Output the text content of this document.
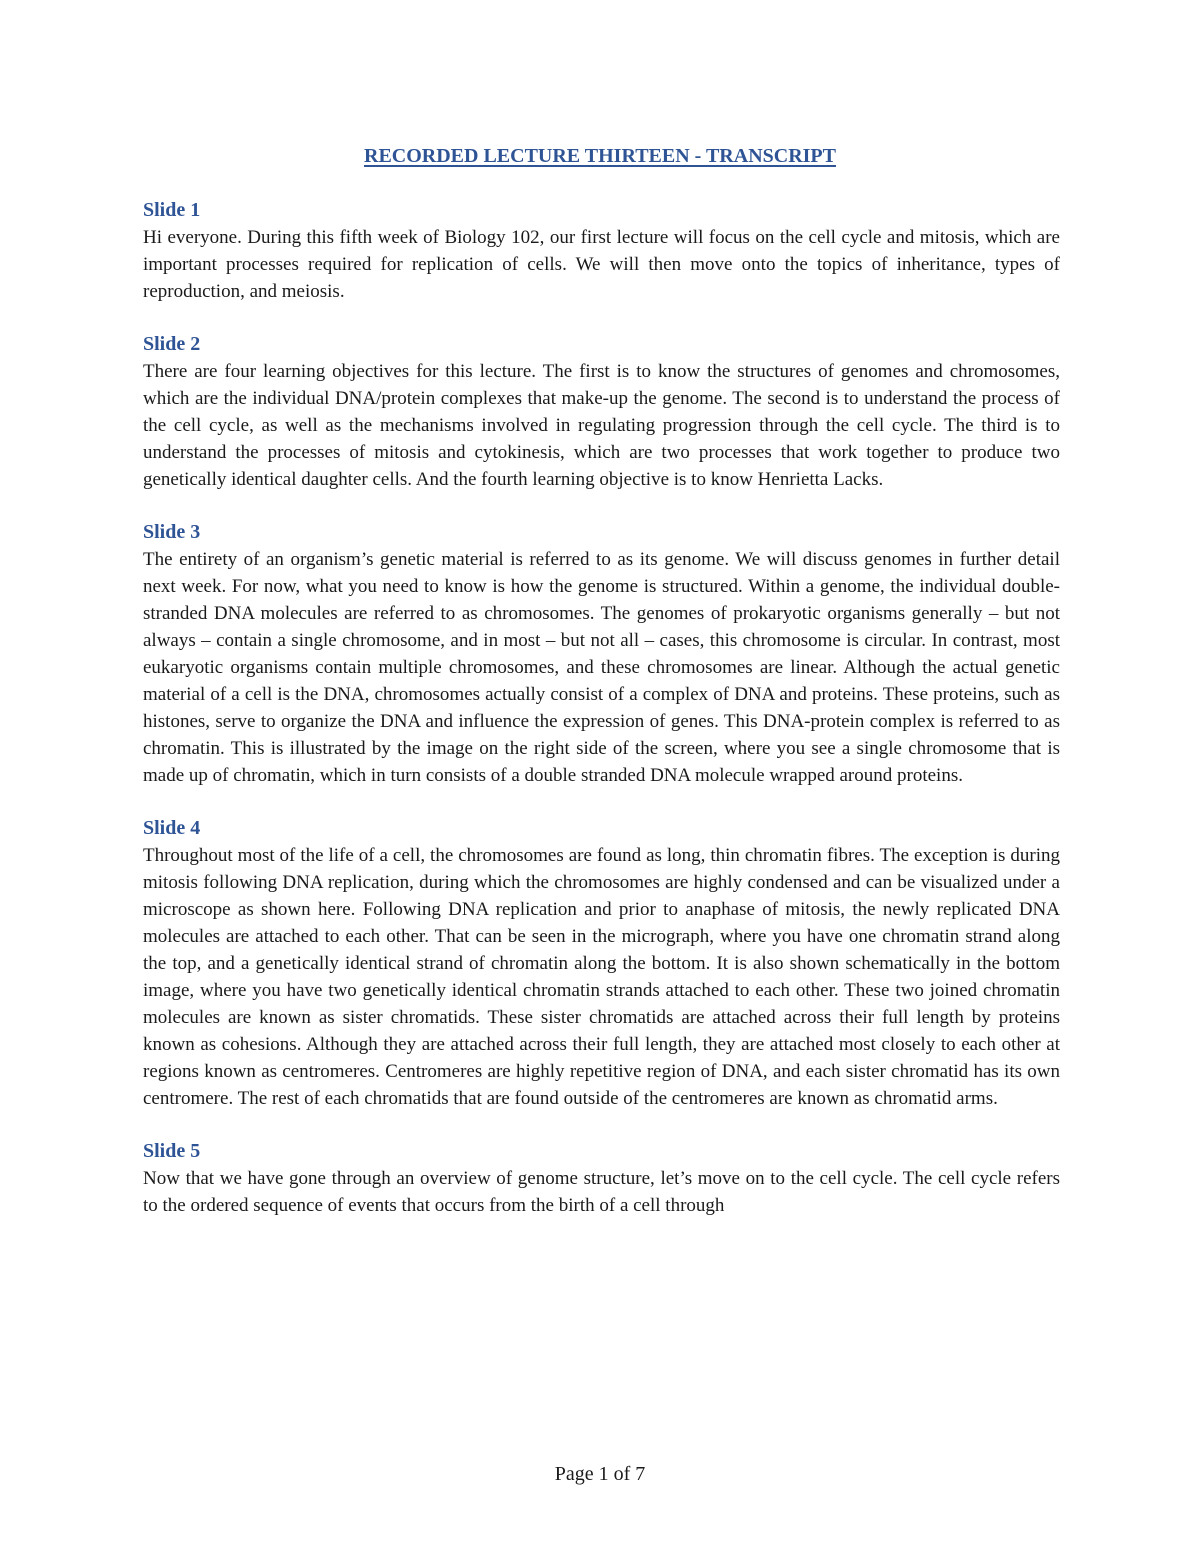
RECORDED LECTURE THIRTEEN - TRANSCRIPT
Slide 1

Hi everyone. During this fifth week of Biology 102, our first lecture will focus on the cell cycle and mitosis, which are important processes required for replication of cells. We will then move onto the topics of inheritance, types of reproduction, and meiosis.

Slide 2

There are four learning objectives for this lecture. The first is to know the structures of genomes and chromosomes, which are the individual DNA/protein complexes that make-up the genome. The second is to understand the process of the cell cycle, as well as the mechanisms involved in regulating progression through the cell cycle. The third is to understand the processes of mitosis and cytokinesis, which are two processes that work together to produce two genetically identical daughter cells. And the fourth learning objective is to know Henrietta Lacks.

Slide 3

The entirety of an organism’s genetic material is referred to as its genome. We will discuss genomes in further detail next week. For now, what you need to know is how the genome is structured. Within a genome, the individual double-stranded DNA molecules are referred to as chromosomes. The genomes of prokaryotic organisms generally – but not always – contain a single chromosome, and in most – but not all – cases, this chromosome is circular. In contrast, most eukaryotic organisms contain multiple chromosomes, and these chromosomes are linear. Although the actual genetic material of a cell is the DNA, chromosomes actually consist of a complex of DNA and proteins. These proteins, such as histones, serve to organize the DNA and influence the expression of genes. This DNA-protein complex is referred to as chromatin. This is illustrated by the image on the right side of the screen, where you see a single chromosome that is made up of chromatin, which in turn consists of a double stranded DNA molecule wrapped around proteins.

Slide 4

Throughout most of the life of a cell, the chromosomes are found as long, thin chromatin fibres. The exception is during mitosis following DNA replication, during which the chromosomes are highly condensed and can be visualized under a microscope as shown here. Following DNA replication and prior to anaphase of mitosis, the newly replicated DNA molecules are attached to each other. That can be seen in the micrograph, where you have one chromatin strand along the top, and a genetically identical strand of chromatin along the bottom. It is also shown schematically in the bottom image, where you have two genetically identical chromatin strands attached to each other. These two joined chromatin molecules are known as sister chromatids. These sister chromatids are attached across their full length by proteins known as cohesions. Although they are attached across their full length, they are attached most closely to each other at regions known as centromeres. Centromeres are highly repetitive region of DNA, and each sister chromatid has its own centromere. The rest of each chromatids that are found outside of the centromeres are known as chromatid arms.

Slide 5

Now that we have gone through an overview of genome structure, let’s move on to the cell cycle. The cell cycle refers to the ordered sequence of events that occurs from the birth of a cell through

Page 1 of 7
